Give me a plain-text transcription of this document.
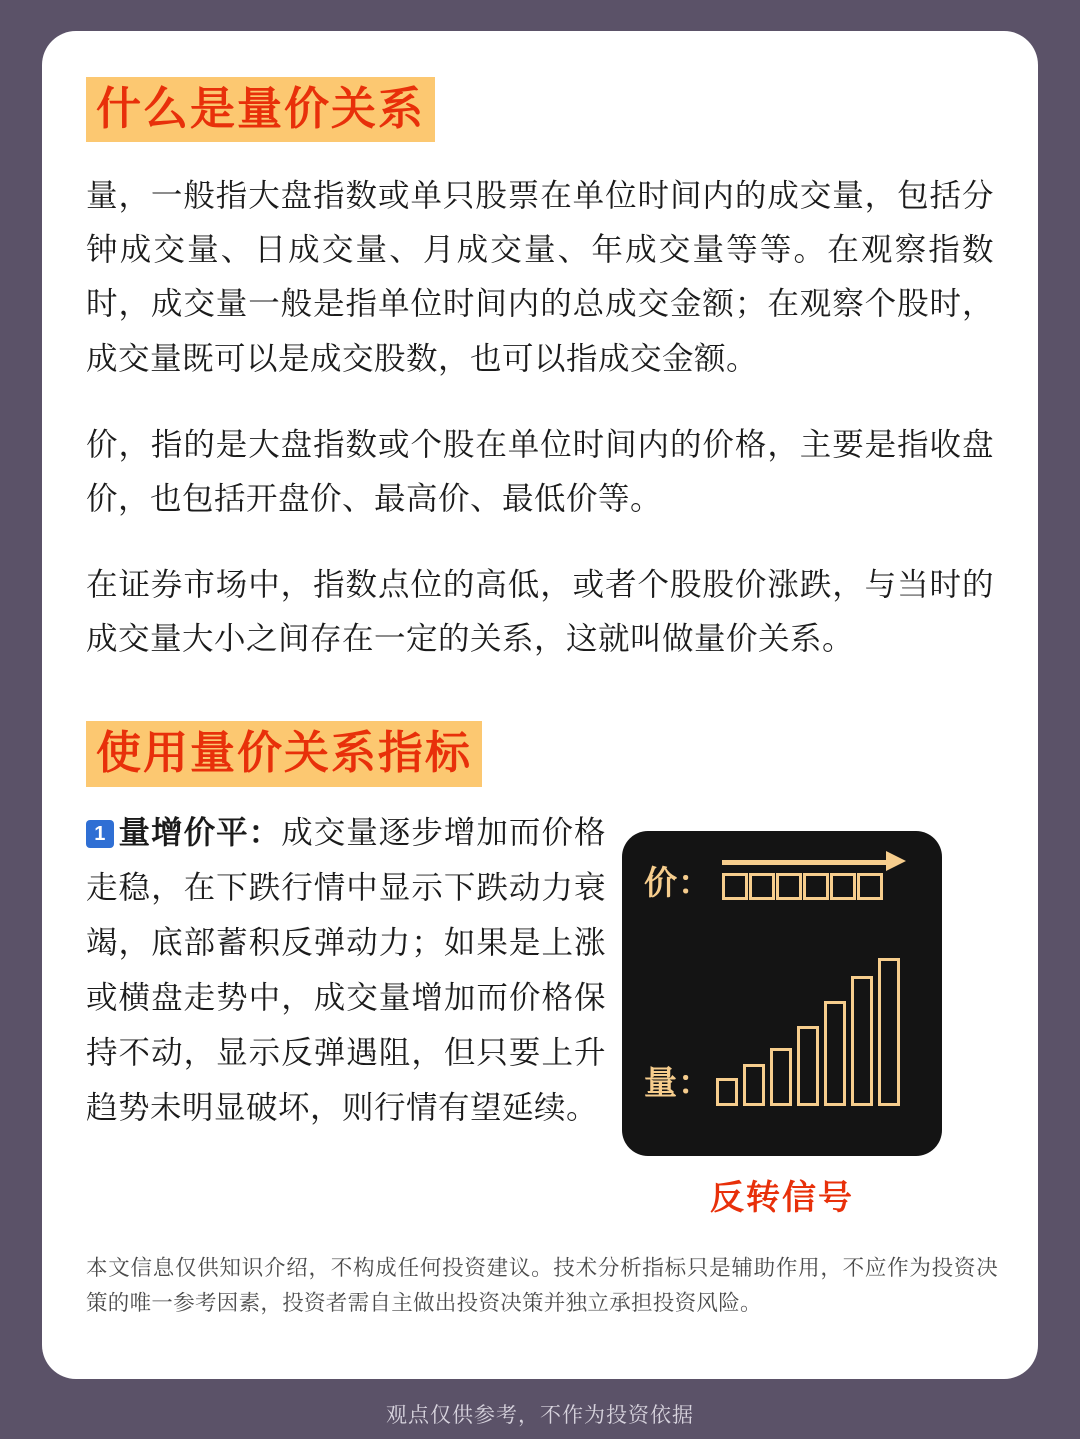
什么是量价关系

量，一般指大盘指数或单只股票在单位时间内的成交量，包括分钟成交量、日成交量、月成交量、年成交量等等。在观察指数时，成交量一般是指单位时间内的总成交金额；在观察个股时，成交量既可以是成交股数，也可以指成交金额。

价，指的是大盘指数或个股在单位时间内的价格，主要是指收盘价，也包括开盘价、最高价、最低价等。

在证券市场中，指数点位的高低，或者个股股价涨跌，与当时的成交量大小之间存在一定的关系，这就叫做量价关系。

使用量价关系指标

1 量增价平：成交量逐步增加而价格走稳，在下跌行情中显示下跌动力衰竭，底部蓄积反弹动力；如果是上涨或横盘走势中，成交量增加而价格保持不动，显示反弹遇阻，但只要上升趋势未明显破坏，则行情有望延续。

价：
量：
反转信号
本文信息仅供知识介绍，不构成任何投资建议。技术分析指标只是辅助作用，不应作为投资决策的唯一参考因素，投资者需自主做出投资决策并独立承担投资风险。
观点仅供参考，不作为投资依据
